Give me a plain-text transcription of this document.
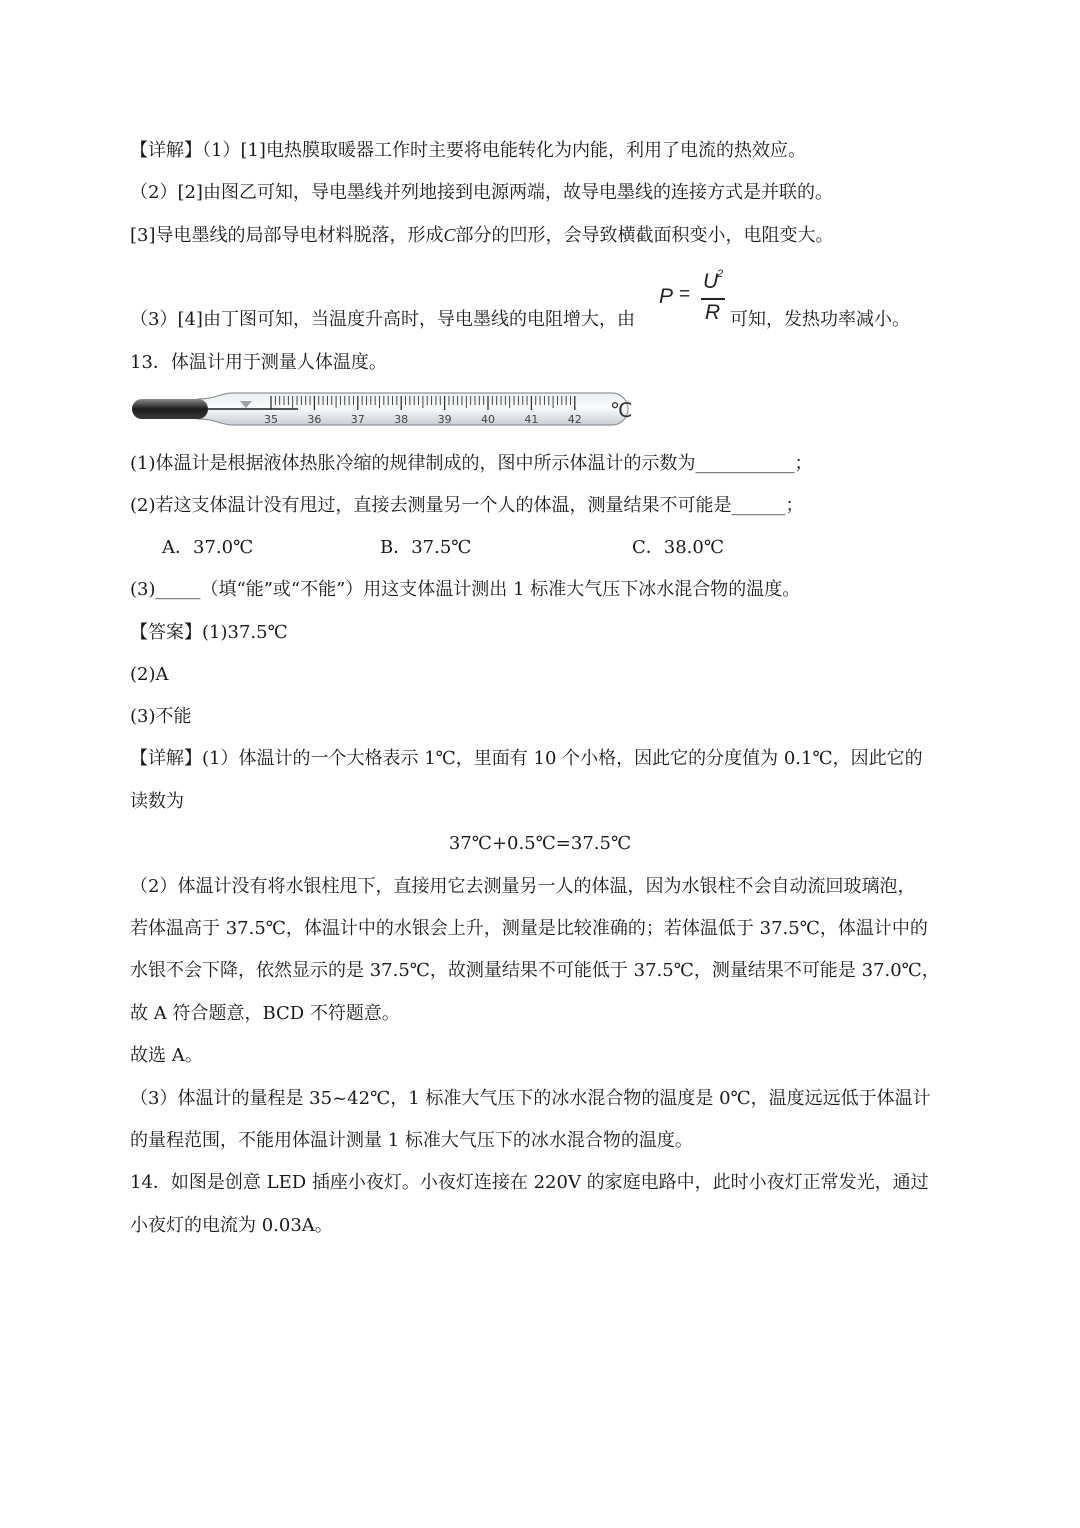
【详解】（1）[1]电热膜取暖器工作时主要将电能转化为内能，利用了电流的热效应。
（2）[2]由图乙可知，导电墨线并列地接到电源两端，故导电墨线的连接方式是并联的。
[3]导电墨线的局部导电材料脱落，形成C部分的凹形，会导致横截面积变小，电阻变大。
（3）[4]由丁图可知，当温度升高时，导电墨线的电阻增大，由
P =
U
2
R 可知，发热功率减小。
13．体温计用于测量人体温度。
35	36	37	38	39	40	41	42 ℃
(1)体温计是根据液体热胀冷缩的规律制成的，图中所示体温计的示数为___________；
(2)若这支体温计没有甩过，直接去测量另一个人的体温，测量结果不可能是______；
A．37.0℃	B．37.5℃	C．38.0℃
(3)_____（填“能”或“不能”）用这支体温计测出 1 标准大气压下冰水混合物的温度。
【答案】(1)37.5℃
(2)A
(3)不能
【详解】(1）体温计的一个大格表示 1℃，里面有 10 个小格，因此它的分度值为 0.1℃，因此它的
读数为
37℃+0.5℃=37.5℃
（2）体温计没有将水银柱甩下，直接用它去测量另一人的体温，因为水银柱不会自动流回玻璃泡，
若体温高于 37.5℃，体温计中的水银会上升，测量是比较准确的；若体温低于 37.5℃，体温计中的
水银不会下降，依然显示的是 37.5℃，故测量结果不可能低于 37.5℃，测量结果不可能是 37.0℃，
故 A 符合题意，BCD 不符题意。
故选 A。
（3）体温计的量程是 35~42℃，1 标准大气压下的冰水混合物的温度是 0℃，温度远远低于体温计
的量程范围，不能用体温计测量 1 标准大气压下的冰水混合物的温度。
14．如图是创意 LED 插座小夜灯。小夜灯连接在 220V 的家庭电路中，此时小夜灯正常发光，通过
小夜灯的电流为 0.03A。
